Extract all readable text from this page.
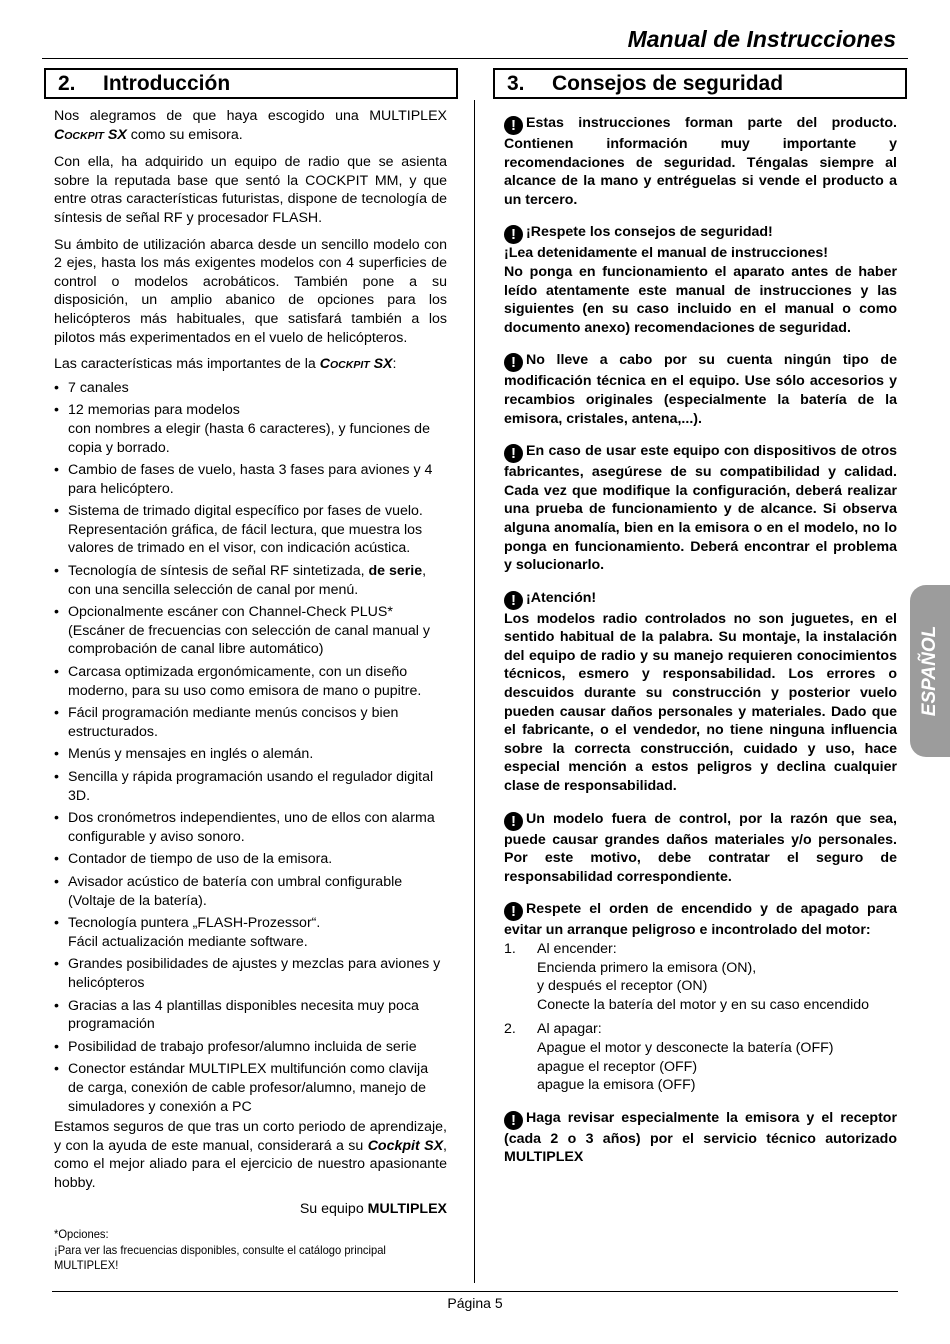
Manual de Instrucciones
2. Introducción	3. Consejos de seguridad

Nos alegramos de que haya escogido una MULTIPLEX COCKPIT SX como su emisora.

Con ella, ha adquirido un equipo de radio que se asienta sobre la reputada base que sentó la COCKPIT MM, y que entre otras características futuristas, dispone de tecnología de síntesis de señal RF y procesador FLASH.

Su ámbito de utilización abarca desde un sencillo modelo con 2 ejes, hasta los más exigentes modelos con 4 superficies de control o modelos acrobáticos. También pone a su disposición, un amplio abanico de opciones para los helicópteros más habituales, que satisfará también a los pilotos más experimentados en el vuelo de helicópteros.

Las características más importantes de la COCKPIT SX:
• 7 canales
• 12 memorias para modelos
con nombres a elegir (hasta 6 caracteres), y funciones de copia y borrado.
• Cambio de fases de vuelo, hasta 3 fases para aviones y 4 para helicóptero.
• Sistema de trimado digital específico por fases de vuelo. Representación gráfica, de fácil lectura, que muestra los valores de trimado en el visor, con indicación acústica.
• Tecnología de síntesis de señal RF sintetizada, de serie, con una sencilla selección de canal por menú.
• Opcionalmente escáner con Channel-Check PLUS*
(Escáner de frecuencias con selección de canal manual y comprobación de canal libre automático)
• Carcasa optimizada ergonómicamente, con un diseño moderno, para su uso como emisora de mano o pupitre.
• Fácil programación mediante menús concisos y bien estructurados.
• Menús y mensajes en inglés o alemán.
• Sencilla y rápida programación usando el regulador digital 3D.
• Dos cronómetros independientes, uno de ellos con alarma configurable y aviso sonoro.
• Contador de tiempo de uso de la emisora.
• Avisador acústico de batería con umbral configurable (Voltaje de la batería).
• Tecnología puntera „FLASH-Prozessor“.
Fácil actualización mediante software.
• Grandes posibilidades de ajustes y mezclas para aviones y helicópteros
• Gracias a las 4 plantillas disponibles necesita muy poca programación
• Posibilidad de trabajo profesor/alumno incluida de serie
• Conector estándar MULTIPLEX multifunción como clavija de carga, conexión de cable profesor/alumno, manejo de simuladores y conexión a PC

Estamos seguros de que tras un corto periodo de aprendizaje, y con la ayuda de este manual, considerará a su Cockpit SX, como el mejor aliado para el ejercicio de nuestro apasionante hobby.

Su equipo MULTIPLEX
*Opciones:
¡Para ver las frecuencias disponibles, consulte el catálogo principal MULTIPLEX!
! Estas instrucciones forman parte del producto. Contienen información muy importante y recomendaciones de seguridad. Téngalas siempre al alcance de la mano y entréguelas si vende el producto a un tercero.
! ¡Respete los consejos de seguridad!
¡Lea detenidamente el manual de instrucciones!
No ponga en funcionamiento el aparato antes de haber leído atentamente este manual de instrucciones y las siguientes (en su caso incluido en el manual o como documento anexo) recomendaciones de seguridad.
! No lleve a cabo por su cuenta ningún tipo de modificación técnica en el equipo. Use sólo accesorios y recambios originales (especialmente la batería de la emisora, cristales, antena,...).
! En caso de usar este equipo con dispositivos de otros fabricantes, asegúrese de su compatibilidad y calidad. Cada vez que modifique la configuración, deberá realizar una prueba de funcionamiento y de alcance. Si observa alguna anomalía, bien en la emisora o en el modelo, no lo ponga en funcionamiento. Deberá encontrar el problema y solucionarlo.
! ¡Atención!
Los modelos radio controlados no son juguetes, en el sentido habitual de la palabra. Su montaje, la instalación del equipo de radio y su manejo requieren conocimientos técnicos, esmero y responsabilidad. Los errores o descuidos durante su construcción y posterior vuelo pueden causar daños personales y materiales. Dado que el fabricante, o el vendedor, no tiene ninguna influencia sobre la correcta construcción, cuidado y uso, hace especial mención a estos peligros y declina cualquier clase de responsabilidad.
! Un modelo fuera de control, por la razón que sea, puede causar grandes daños materiales y/o personales. Por este motivo, debe contratar el seguro de responsabilidad correspondiente.
! Respete el orden de encendido y de apagado para evitar un arranque peligroso e incontrolado del motor:
1. Al encender:
Encienda primero la emisora (ON),
y después el receptor (ON)
Conecte la batería del motor y en su caso encendido
2. Al apagar:
Apague el motor y desconecte la batería (OFF)
apague el receptor (OFF)
apague la emisora (OFF)
! Haga revisar especialmente la emisora y el receptor (cada 2 o 3 años) por el servicio técnico autorizado MULTIPLEX
ESPAÑOL
Página 5
